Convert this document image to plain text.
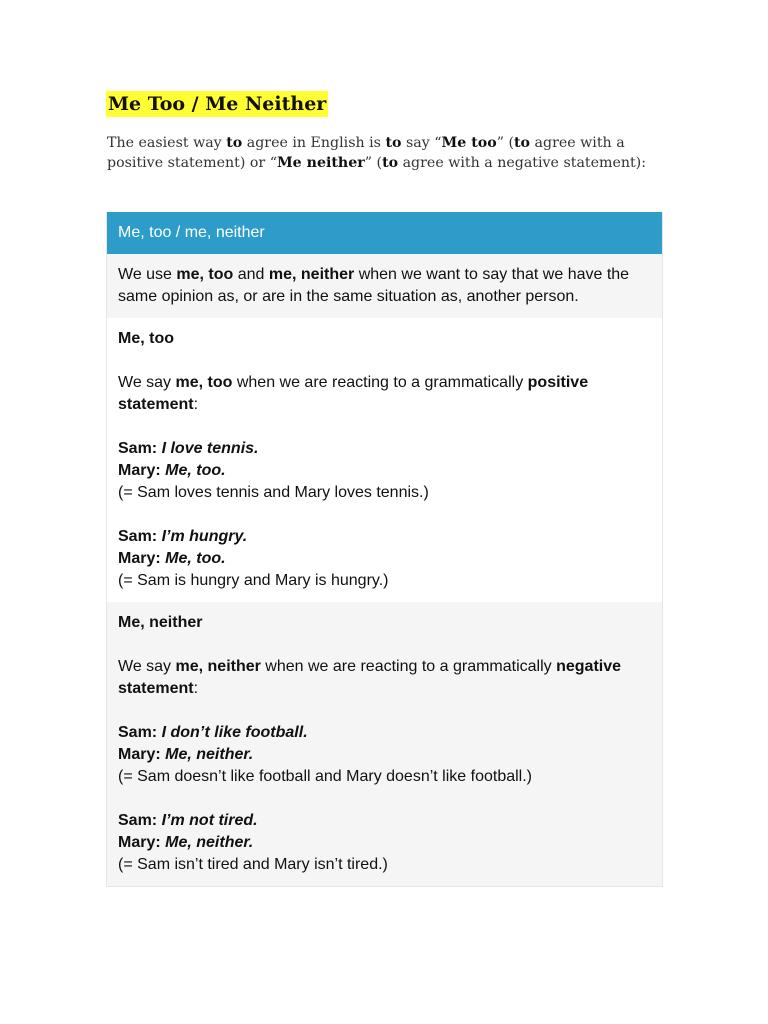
Me Too / Me Neither

The easiest way to agree in English is to say “Me too” (to agree with a positive statement) or “Me neither” (to agree with a negative statement):

Me, too / me, neither

We use me, too and me, neither when we want to say that we have the same opinion as, or are in the same situation as, another person.

Me, too

We say me, too when we are reacting to a grammatically positive statement:

Sam: I love tennis.

Mary: Me, too.

(= Sam loves tennis and Mary loves tennis.)

Sam: I’m hungry.

Mary: Me, too.

(= Sam is hungry and Mary is hungry.)

Me, neither

We say me, neither when we are reacting to a grammatically negative statement:

Sam: I don’t like football.

Mary: Me, neither.

(= Sam doesn’t like football and Mary doesn’t like football.)

Sam: I’m not tired.

Mary: Me, neither.

(= Sam isn’t tired and Mary isn’t tired.)
